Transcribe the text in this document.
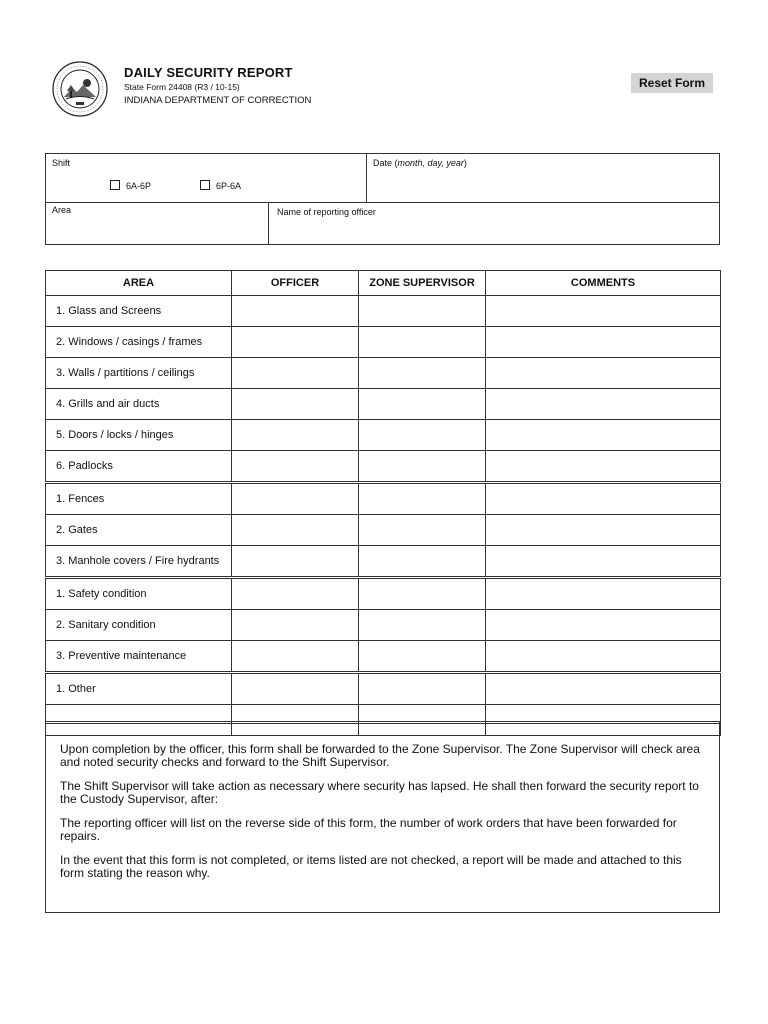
DAILY SECURITY REPORT
State Form 24408 (R3 / 10-15)
INDIANA DEPARTMENT OF CORRECTION
Reset Form
Shift
6A-6P	6P-6A
Date (month, day, year)
Area	Name of reporting officer
AREA	OFFICER	ZONE SUPERVISOR	COMMENTS
1. Glass and Screens			
2. Windows / casings / frames			
3. Walls / partitions / ceilings			
4. Grills and air ducts			
5. Doors / locks / hinges			
6. Padlocks			
1. Fences			
2. Gates			
3. Manhole covers / Fire hydrants			
1. Safety condition			
2. Sanitary condition			
3. Preventive maintenance			
1. Other			

Upon completion by the officer, this form shall be forwarded to the Zone Supervisor. The Zone Supervisor will check area and noted security checks and forward to the Shift Supervisor.

The Shift Supervisor will take action as necessary where security has lapsed. He shall then forward the security report to the Custody Supervisor, after:

The reporting officer will list on the reverse side of this form, the number of work orders that have been forwarded for repairs.

In the event that this form is not completed, or items listed are not checked, a report will be made and attached to this form stating the reason why.
